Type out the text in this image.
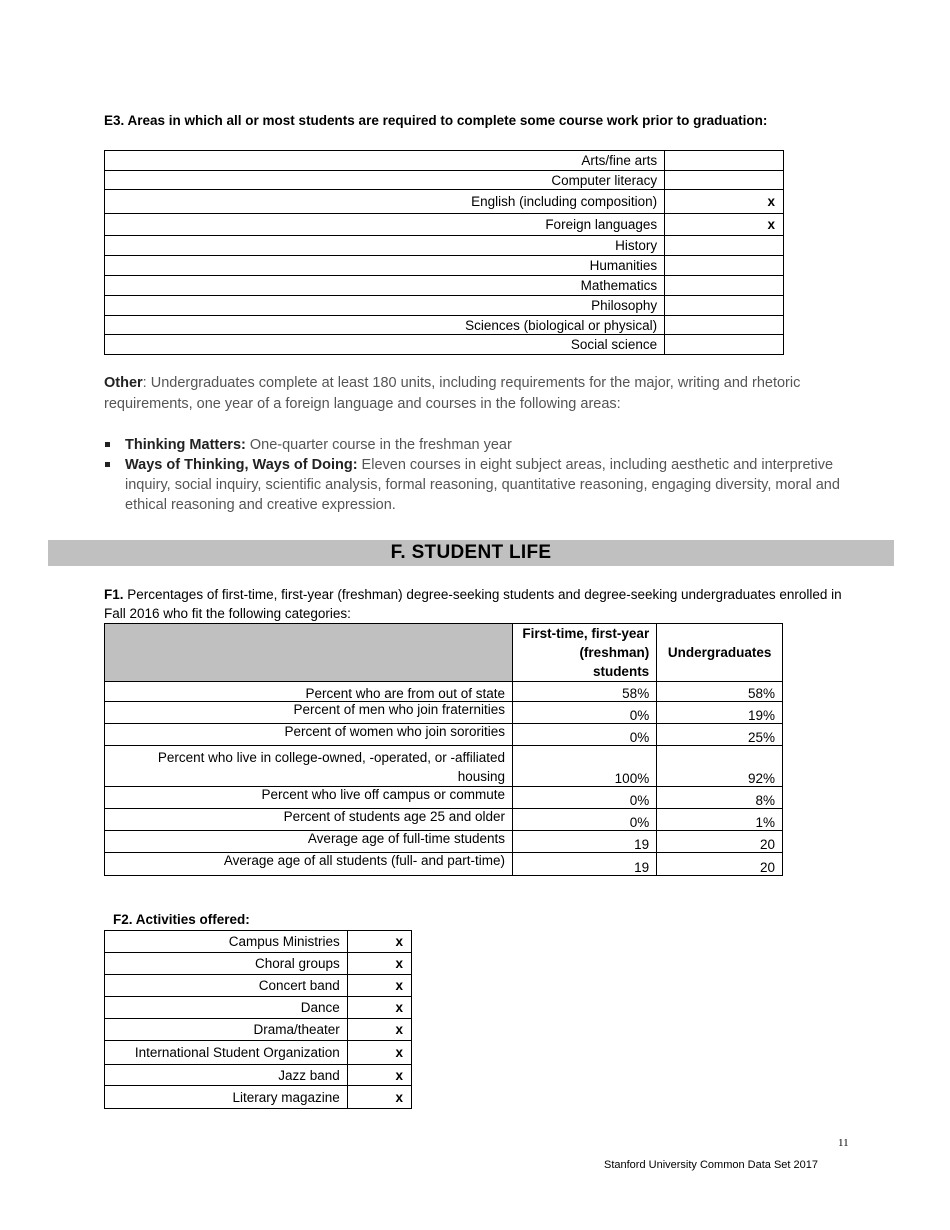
E3. Areas in which all or most students are required to complete some course work prior to graduation:
Arts/fine arts	
Computer literacy	
English (including composition)	x
Foreign languages	x
History	
Humanities	
Mathematics	
Philosophy	
Sciences (biological or physical)	
Social science	
Other: Undergraduates complete at least 180 units, including requirements for the major, writing and rhetoric requirements, one year of a foreign language and courses in the following areas:
Thinking Matters: One-quarter course in the freshman year
Ways of Thinking, Ways of Doing: Eleven courses in eight subject areas, including aesthetic and interpretive inquiry, social inquiry, scientific analysis, formal reasoning, quantitative reasoning, engaging diversity, moral and ethical reasoning and creative expression.
F. STUDENT LIFE
F1. Percentages of first-time, first-year (freshman) degree-seeking students and degree-seeking undergraduates enrolled in Fall 2016 who fit the following categories:
	First-time, first-year (freshman) students	Undergraduates
Percent who are from out of state	58%	58%
Percent of men who join fraternities	0%	19%
Percent of women who join sororities	0%	25%
Percent who live in college-owned, -operated, or -affiliated housing	100%	92%
Percent who live off campus or commute	0%	8%
Percent of students age 25 and older	0%	1%
Average age of full-time students	19	20
Average age of all students (full- and part-time)	19	20
F2. Activities offered:
Campus Ministries	x
Choral groups	x
Concert band	x
Dance	x
Drama/theater	x
International Student Organization	x
Jazz band	x
Literary magazine	x
11
Stanford University Common Data Set 2017
